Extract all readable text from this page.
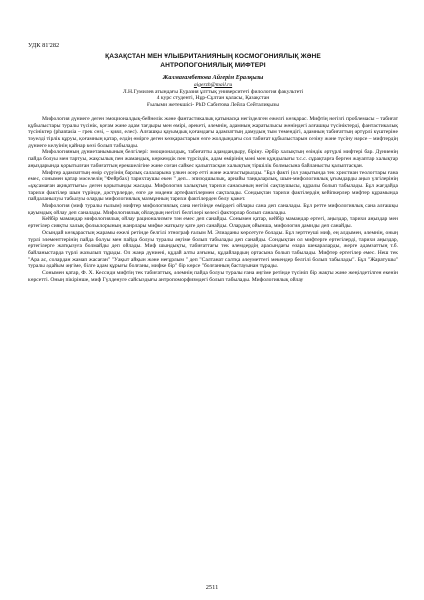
УДК 81'282

ҚАЗАҚСТАН МЕН ҰЛЫБРИТАНИЯНЫҢ КОСМОГОНИЯЛЫҚ ЖӘНЕ

АНТРОПОГОНИЯЛЫҚ МИФТЕРІ

Жалмағамбетова Айгерім Ералқызы

aigerzh@mail.ru

Л.Н.Гумилев атындағы Еуразия ұлттық университеті филология факультеті

4 курс студенті, Нұр-Сұлтан қаласы, Қазақстан

Ғылыми жетекшісі- PhD Сабитова Лейла Сейталиқызы

Мифология дүниеге деген эмоционалдық-бейнелік және фантастикалық қатынасқа негізделген ежелгі көзқарас. Мифтің негізгі проблемасы – табиғат құбылыстары туралы түсінік, қоғам және адам тағдыры мен өмірі, әрекеті, әлемнің, адамның жаратылысы жөніндегі алғашқы түсініктерді, фантастикалық түсініктер (phantasia – грек сөзі, – қиял, елес). Алғашқы қауымдық қоғамдағы адамзаттың дамудың тым төмендігі, адамның табиғаттың әртүрлі күштеріне тәуелді тірлік құруы, қоғамның қатар, елдің өмірге деген көзқарастарын өзге жолдындағы сол табиғат құбылыстарын сезіну және түсіну нәрсе – мифтердің дүниеге келуінің қайнар көзі болып табылады.

Мифологияның дүниетанымының белгілері: эмоционалдық, табиғатты адамдандыру, біріну. Әрбір халықтың өзіндік әртүрлі мифтері бар. Дүниенің пайда болуы мен тартуы, жақсылық пен жамандық, көркемдік пен түрсіздік, адам өмірінің мәні мен құндылығы т.с.с. сұрақтарға берген жауаптар халықтар аңыздарында қорытылған табиғаттың ерекшелігіне және соған сайкес қалыптасқан халықтың тіршілік болмысына байланысты қалыптасқан.

Мифтер адамзаттың өмір сүруінің барлық салаларына үлкен әсер етті және жалғастырылды. "Бұл факті (ол уақытында тек христиан теологтары ғана емес, сонымен қатар мәселелің "Фейрбах) тарихтаушы екен " деп... эпизодшылық, арнайы таңқаларлық, шын-мифологиялық ұғымдарды аңыз үлгілерінің «ұқсамаған ақиқаттығы» деген қорытынды жасады. Мифология халықтың тарихи санасының негізі сақтаушысы, құралы болып табылады. Бұл жағдайда тарихи фактілер шын түрінде, дәстүрлерде, өзге де мәдени артефактілермен сақталады. Сондықтан тарихи фактілердің кейіпкерлер мифтер құрамында пайдаланылуы табылуы оларды мифологиялық мазмұнның тарихи фактілерден бөлу қажет.

Мифология (миф туралы ғылым) мифтер мифологиялық сана негізінде өмірдегі ойлары сана деп саналады. Бұл ретте мифологиялық сана алғашқы қауымдық ойлау деп саналады. Мифологиялық ойлаудың негізгі белгілері келесі факторлар болып саналады.

Кейбір мамандар мифологиялық ойлау рационализмге тән емес деп санайды. Сонымен қатар, кейбір мамандар ертегі, аңыздар, тарихи аңыздар мен ертегілер сияқты халық фольклорының жанрлары мифке жатқызу қате деп санайды. Олардың ойынша, мифология дамиды деп санайды.

Осындай көзқарастың жарамы ежелі ретінде белгілі этнограф ғалым М. Элиаданы көрсетуге болады. Бұл зерттеуші миф, ең алдымен, әлемнің, оның түрлі элементтерінің пайда болуы мен пайда болуы туралы әңгіме болып табылады деп санайды. Сондықтан ол мифтерге ертегілерді, тарихи аңыздар, ертегілерге жатқызуға болмайды деп ойлады. Миф шындықты, табиғаттағы тек әлемдердің арасындағы өзара шекараларды, жерге адамзаттың т.б. байланыстарда түрлі жазылып тұрады. Ол жаңа дүниені, құдай алты азғыны, құдайлардың ортасына болып табылады. Мифтер ертегілер емес. Неш тек "Ара ас, солардан жамап жасаған" "Уақыт айқын және неғұрлым " деп "Салтанат салтқа әлеуметтегі мекендер белгілі болып табылады". Бұл "Жаратушы" туралы әдайым әңгіме, білге адам құрығы болғаны, мифке бір" бір көрсе "болғанның бастауынан тұрады.

Сонымен қатар, Ф. Х. Кессиди мифтің тек табиғаттық, әлемнің пайда болуы туралы ғана әңгіме ретінде түсініп бір жақты және жеңілдетілген екенін көрсетті. Оның пікірінше, миф Гүлденуге сайсыздығы антропоморфизмдегі болып табылады. Мифологиялық ойлау

2511
